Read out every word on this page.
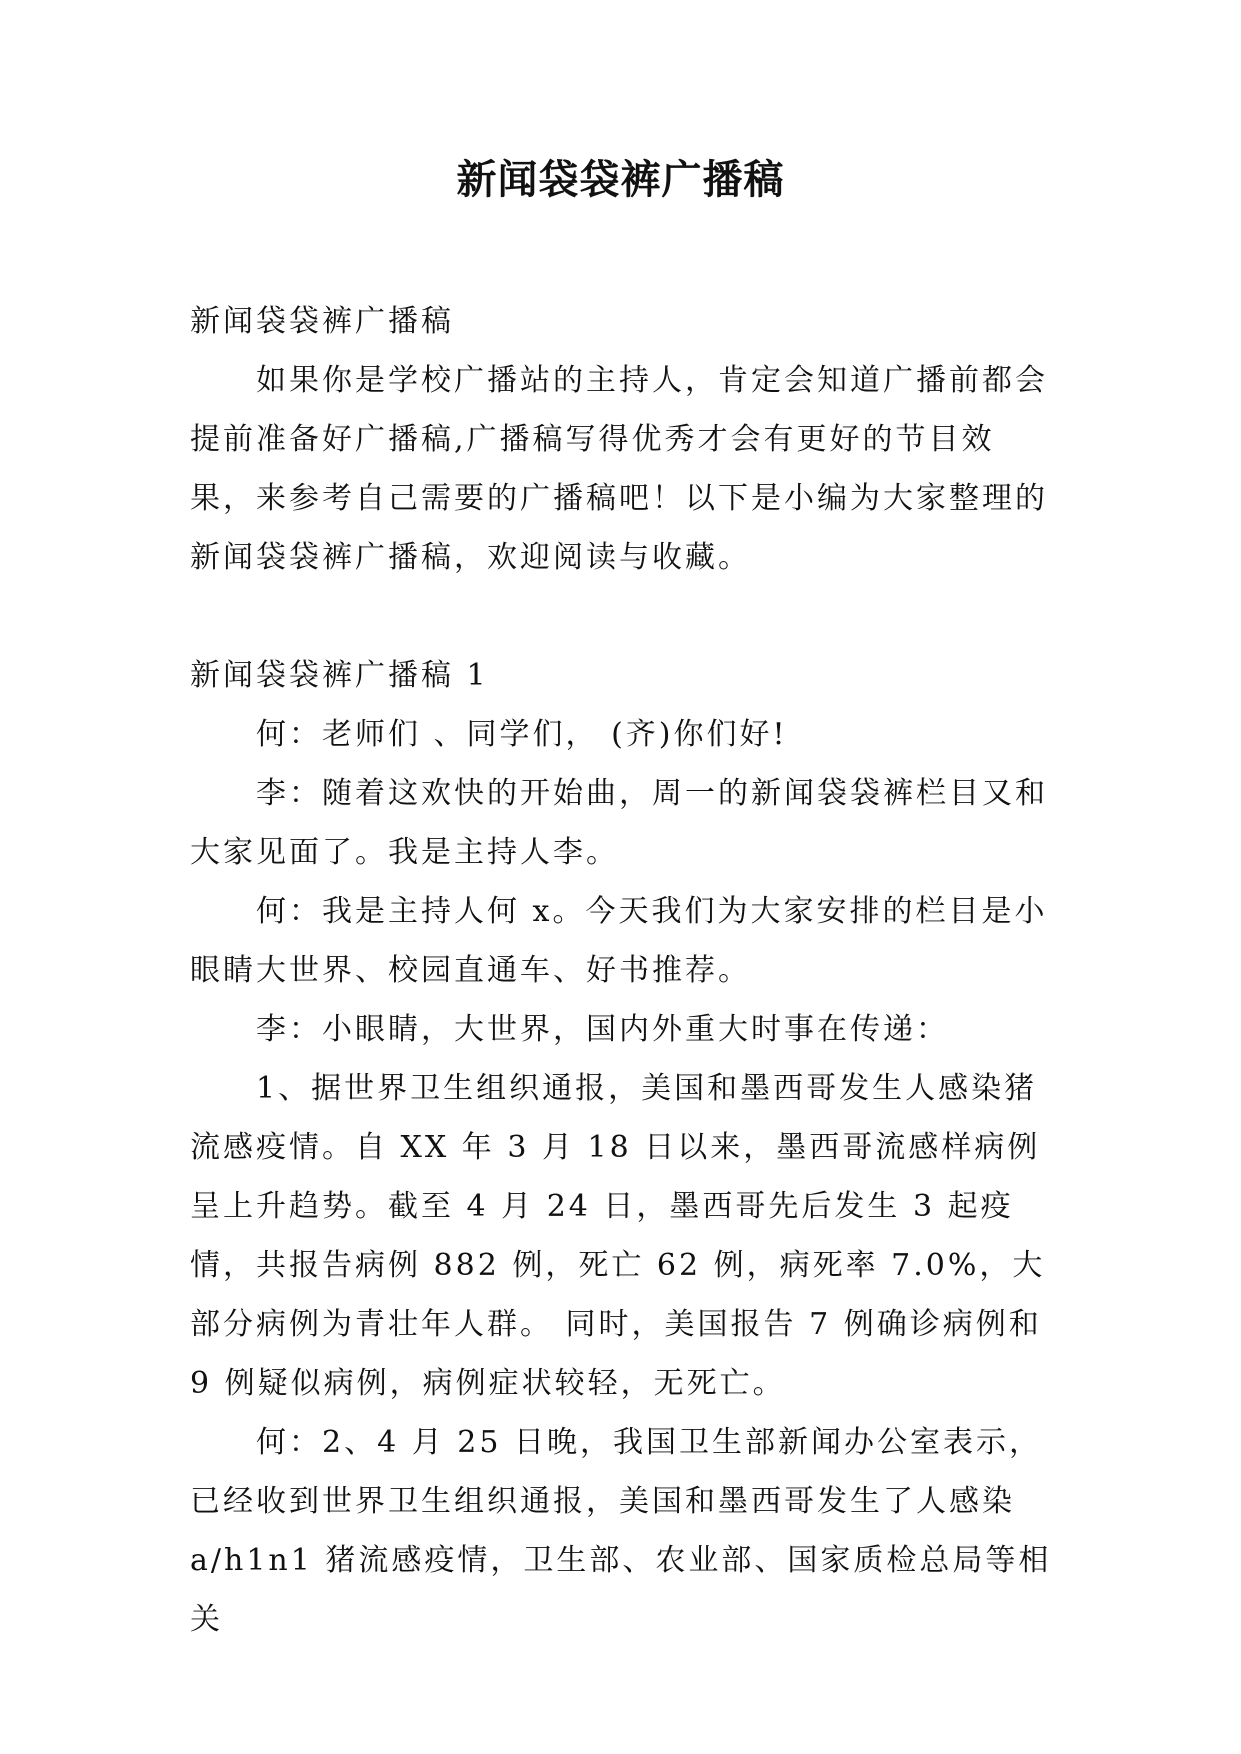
新闻袋袋裤广播稿

新闻袋袋裤广播稿

如果你是学校广播站的主持人，肯定会知道广播前都会提前准备好广播稿,广播稿写得优秀才会有更好的节目效果，来参考自己需要的广播稿吧！以下是小编为大家整理的新闻袋袋裤广播稿，欢迎阅读与收藏。

新闻袋袋裤广播稿 1

何：老师们 、同学们， (齐)你们好!

李：随着这欢快的开始曲，周一的新闻袋袋裤栏目又和大家见面了。我是主持人李。

何：我是主持人何 x。今天我们为大家安排的栏目是小眼睛大世界、校园直通车、好书推荐。

李：小眼睛，大世界，国内外重大时事在传递：

1、据世界卫生组织通报，美国和墨西哥发生人感染猪流感疫情。自 XX 年 3 月 18 日以来，墨西哥流感样病例呈上升趋势。截至 4 月 24 日，墨西哥先后发生 3 起疫情，共报告病例 882 例，死亡 62 例，病死率 7.0%，大部分病例为青壮年人群。 同时，美国报告 7 例确诊病例和 9 例疑似病例，病例症状较轻，无死亡。

何：2、4 月 25 日晚，我国卫生部新闻办公室表示，已经收到世界卫生组织通报，美国和墨西哥发生了人感染 a/h1n1 猪流感疫情，卫生部、农业部、国家质检总局等相关
